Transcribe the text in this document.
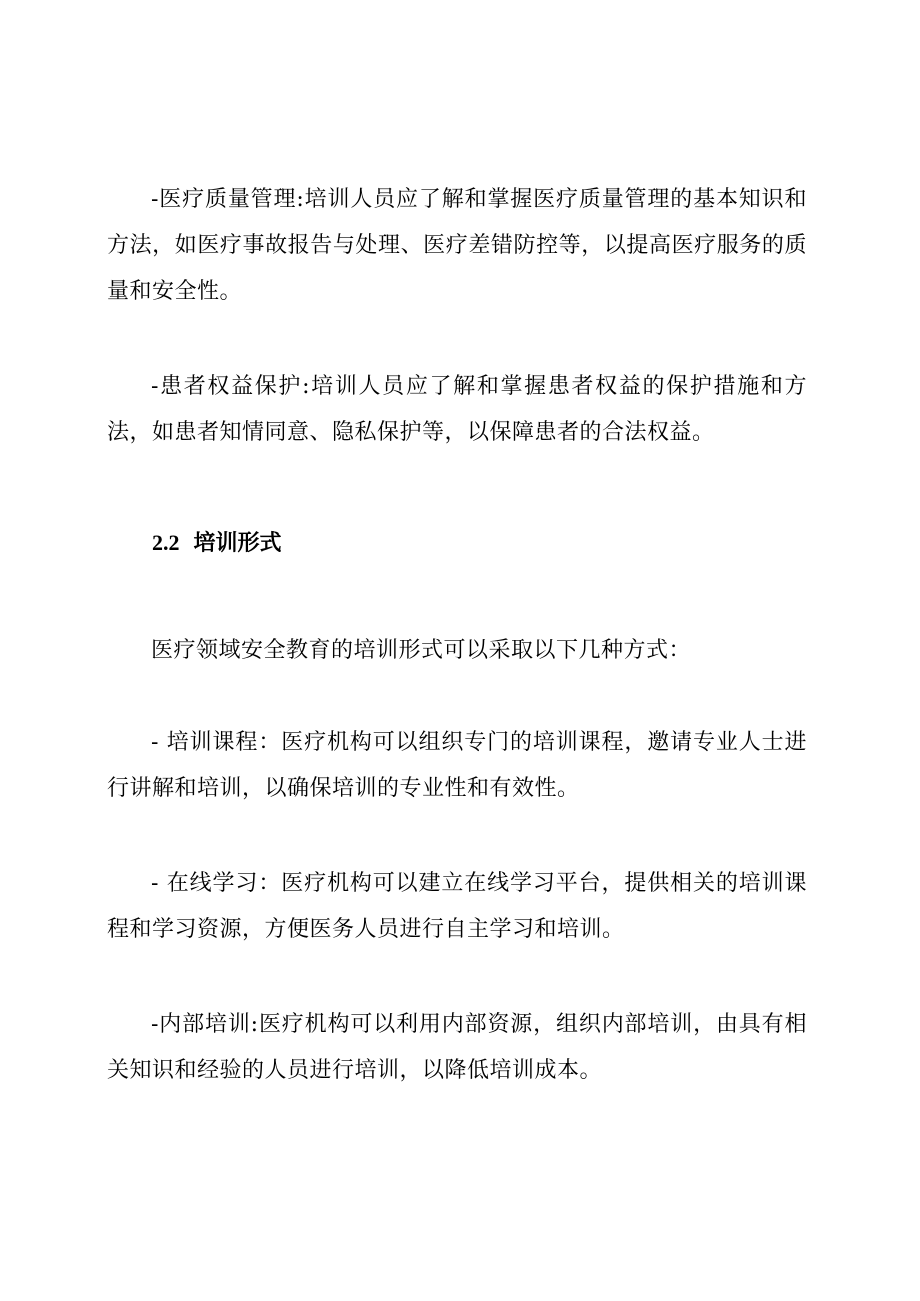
-医疗质量管理:培训人员应了解和掌握医疗质量管理的基本知识和方法，如医疗事故报告与处理、医疗差错防控等，以提高医疗服务的质量和安全性。

-患者权益保护:培训人员应了解和掌握患者权益的保护措施和方法，如患者知情同意、隐私保护等，以保障患者的合法权益。

2.2 培训形式

医疗领域安全教育的培训形式可以采取以下几种方式：

- 培训课程：医疗机构可以组织专门的培训课程，邀请专业人士进行讲解和培训，以确保培训的专业性和有效性。

- 在线学习：医疗机构可以建立在线学习平台，提供相关的培训课程和学习资源，方便医务人员进行自主学习和培训。

-内部培训:医疗机构可以利用内部资源，组织内部培训，由具有相关知识和经验的人员进行培训，以降低培训成本。
